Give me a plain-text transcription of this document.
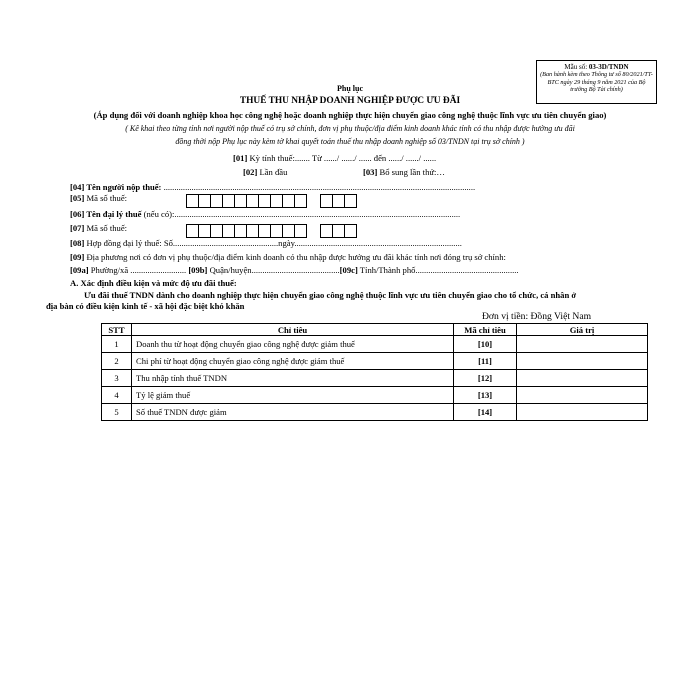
Mẫu số: 03-3D/TNDN
(Ban hành kèm theo Thông tư số 80/2021/TT-BTC ngày 29 tháng 9 năm 2021 của Bộ trưởng Bộ Tài chính)
Phụ lục
THUẾ THU NHẬP DOANH NGHIỆP ĐƯỢC ƯU ĐÃI
(Áp dụng đối với doanh nghiệp khoa học công nghệ hoặc doanh nghiệp thực hiện chuyển giao công nghệ thuộc lĩnh vực ưu tiên chuyển giao)
( Kê khai theo từng tỉnh nơi người nộp thuế có trụ sở chính, đơn vị phụ thuộc/địa điểm kinh doanh khác tỉnh có thu nhập được hưởng ưu đãi
đồng thời nộp Phụ lục này kèm tờ khai quyết toán thuế thu nhập doanh nghiệp số 03/TNDN tại trụ sở chính )
[01] Kỳ tính thuế:....... Từ ....../ ....../ ...... đến ....../ ....../ ......
[02] Lần đầu	[03] Bổ sung lần thứ:…
[04] Tên người nộp thuế: .................................................................................................................................................
[05] Mã số thuế:
[06] Tên đại lý thuế (nếu có):.....................................................................................................................................
[07] Mã số thuế:
[08] Hợp đồng đại lý thuế: Số.................................................ngày..............................................................................
[09] Địa phương nơi có đơn vị phụ thuộc/địa điểm kinh doanh có thu nhập được hưởng ưu đãi khác tỉnh nơi đóng trụ sở chính:
[09a] Phường/xã .......................... [09b] Quận/huyện.........................................[09c] Tỉnh/Thành phố................................................
A. Xác định điều kiện và mức độ ưu đãi thuế:
Ưu đãi thuế TNDN dành cho doanh nghiệp thực hiện chuyển giao công nghệ thuộc lĩnh vực ưu tiên chuyển giao cho tổ chức, cá nhân ở
địa bàn có điều kiện kinh tế - xã hội đặc biệt khó khăn
Đơn vị tiền: Đồng Việt Nam
STT	Chỉ tiêu	Mã chỉ tiêu	Giá trị
1	Doanh thu từ hoạt động chuyển giao công nghệ được giảm thuế	[10]	
2	Chi phí từ hoạt động chuyển giao công nghệ được giảm thuế	[11]	
3	Thu nhập tính thuế TNDN	[12]	
4	Tỷ lệ giảm thuế	[13]	
5	Số thuế TNDN được giảm	[14]	
